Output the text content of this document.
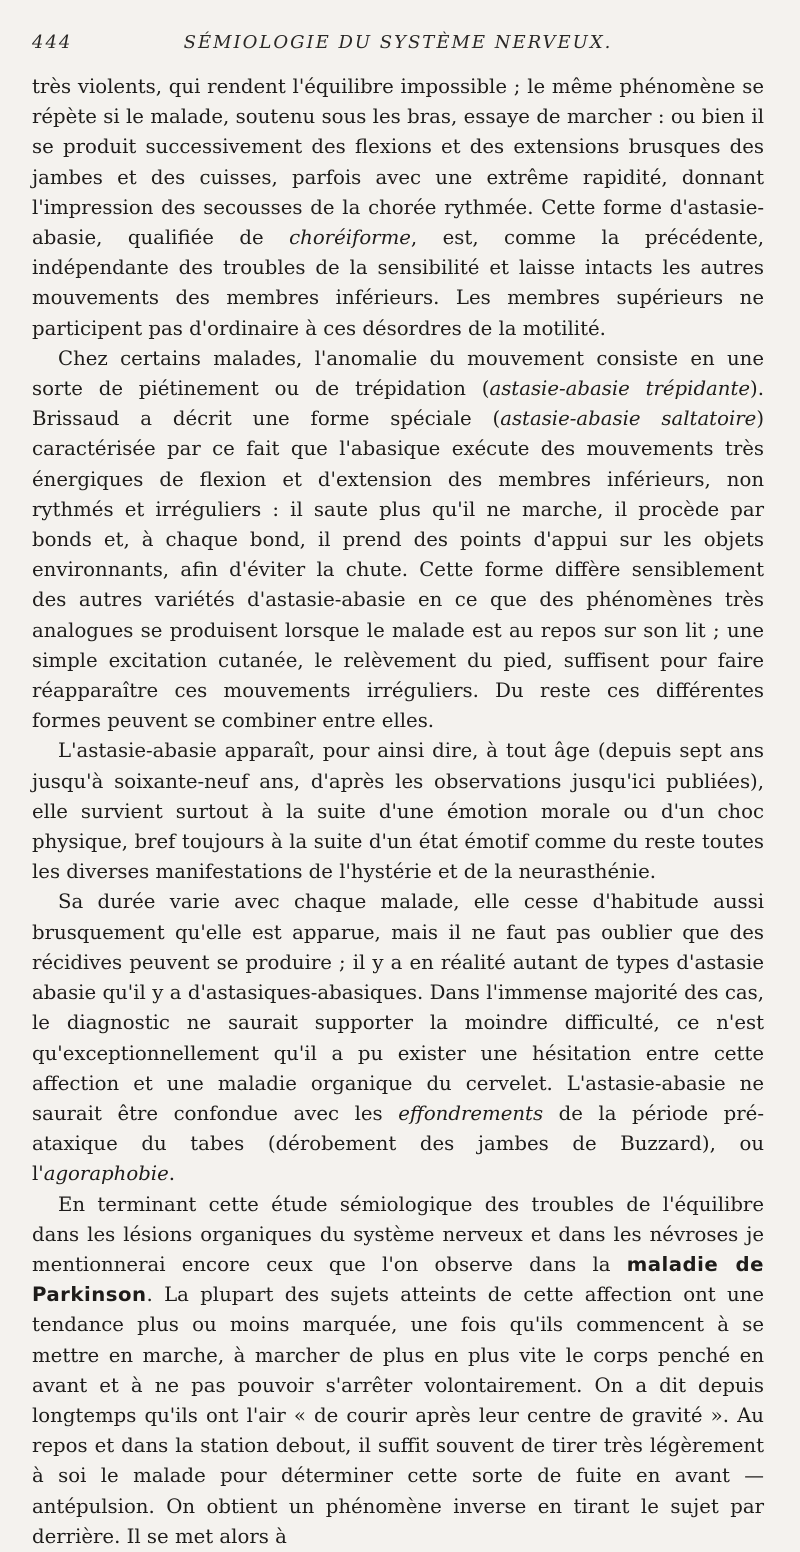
444	SÉMIOLOGIE DU SYSTÈME NERVEUX.

très violents, qui rendent l'équilibre impossible ; le même phénomène se répète si le malade, soutenu sous les bras, essaye de marcher : ou bien il se produit successivement des flexions et des extensions brusques des jambes et des cuisses, parfois avec une extrême rapidité, donnant l'impression des secousses de la chorée rythmée. Cette forme d'astasie-abasie, qualifiée de choréiforme, est, comme la précédente, indépendante des troubles de la sensibilité et laisse intacts les autres mouvements des membres inférieurs. Les membres supérieurs ne participent pas d'ordinaire à ces désordres de la motilité.

Chez certains malades, l'anomalie du mouvement consiste en une sorte de piétinement ou de trépidation (astasie-abasie trépidante). Brissaud a décrit une forme spéciale (astasie-abasie saltatoire) caractérisée par ce fait que l'abasique exécute des mouvements très énergiques de flexion et d'extension des membres inférieurs, non rythmés et irréguliers : il saute plus qu'il ne marche, il procède par bonds et, à chaque bond, il prend des points d'appui sur les objets environnants, afin d'éviter la chute. Cette forme diffère sensiblement des autres variétés d'astasie-abasie en ce que des phénomènes très analogues se produisent lorsque le malade est au repos sur son lit ; une simple excitation cutanée, le relèvement du pied, suffisent pour faire réapparaître ces mouvements irréguliers. Du reste ces différentes formes peuvent se combiner entre elles.

L'astasie-abasie apparaît, pour ainsi dire, à tout âge (depuis sept ans jusqu'à soixante-neuf ans, d'après les observations jusqu'ici publiées), elle survient surtout à la suite d'une émotion morale ou d'un choc physique, bref toujours à la suite d'un état émotif comme du reste toutes les diverses manifestations de l'hystérie et de la neurasthénie.

Sa durée varie avec chaque malade, elle cesse d'habitude aussi brusquement qu'elle est apparue, mais il ne faut pas oublier que des récidives peuvent se produire ; il y a en réalité autant de types d'astasie abasie qu'il y a d'astasiques-abasiques. Dans l'immense majorité des cas, le diagnostic ne saurait supporter la moindre difficulté, ce n'est qu'exceptionnellement qu'il a pu exister une hésitation entre cette affection et une maladie organique du cervelet. L'astasie-abasie ne saurait être confondue avec les effondrements de la période pré-ataxique du tabes (dérobement des jambes de Buzzard), ou l'agoraphobie.

En terminant cette étude sémiologique des troubles de l'équilibre dans les lésions organiques du système nerveux et dans les névroses je mentionnerai encore ceux que l'on observe dans la maladie de Parkinson. La plupart des sujets atteints de cette affection ont une tendance plus ou moins marquée, une fois qu'ils commencent à se mettre en marche, à marcher de plus en plus vite le corps penché en avant et à ne pas pouvoir s'arrêter volontairement. On a dit depuis longtemps qu'ils ont l'air « de courir après leur centre de gravité ». Au repos et dans la station debout, il suffit souvent de tirer très légèrement à soi le malade pour déterminer cette sorte de fuite en avant — antépulsion. On obtient un phénomène inverse en tirant le sujet par derrière. Il se met alors à
